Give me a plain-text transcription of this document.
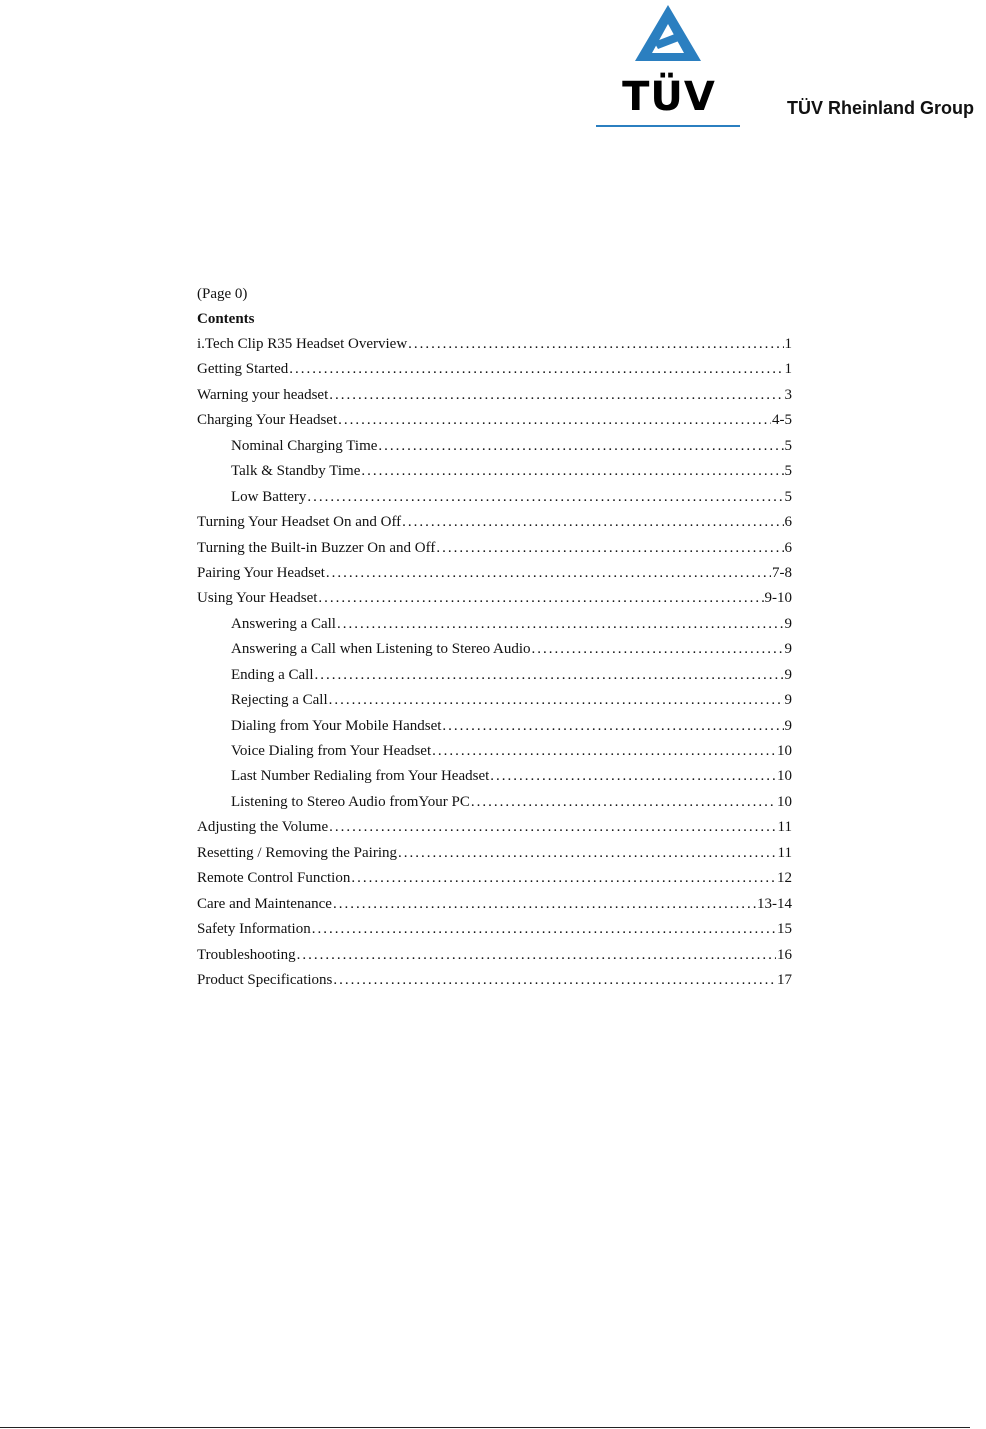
TÜV	TÜV Rheinland Group
(Page 0)
Contents
i.Tech Clip R35 Headset Overview .....	1
Getting Started .....	1
Warning your headset .....	3
Charging Your Headset .....	4-5
Nominal Charging Time .....	5
Talk & Standby Time .....	5
Low Battery .....	5
Turning Your Headset On and Off .....	6
Turning the Built-in Buzzer On and Off .....	6
Pairing Your Headset .....	7-8
Using Your Headset .....	9-10
Answering a Call .....	9
Answering a Call when Listening to Stereo Audio .....	9
Ending a Call .....	9
Rejecting a Call .....	9
Dialing from Your Mobile Handset .....	9
Voice Dialing from Your Headset .....	10
Last Number Redialing from Your Headset .....	10
Listening to Stereo Audio fromYour PC .....	10
Adjusting the Volume .....	11
Resetting / Removing the Pairing .....	11
Remote Control Function .....	12
Care and Maintenance .....	13-14
Safety Information .....	15
Troubleshooting .....	16
Product Specifications .....	17
